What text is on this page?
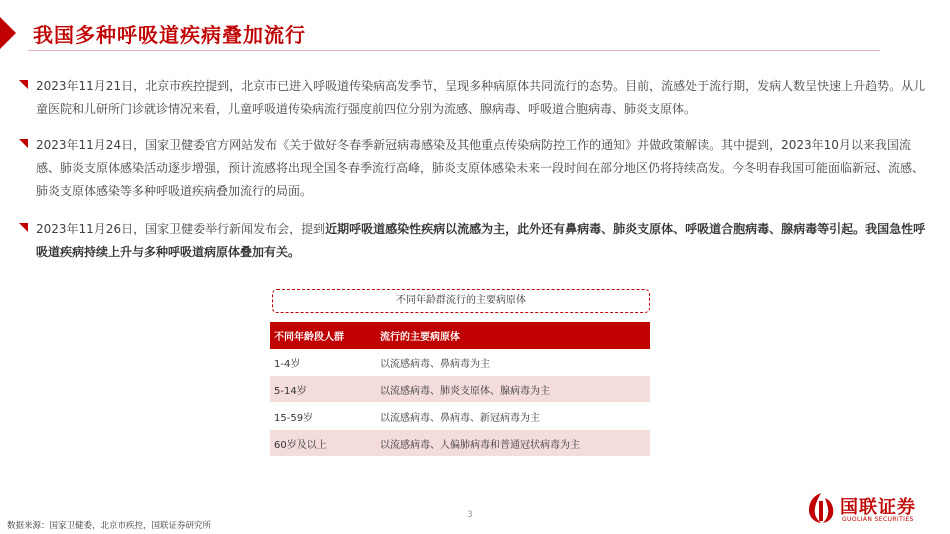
我国多种呼吸道疾病叠加流行
2023年11月21日，北京市疾控提到，北京市已进入呼吸道传染病高发季节，呈现多种病原体共同流行的态势。目前，流感处于流行期，发病人数呈快速上升趋势。从儿童医院和儿研所门诊就诊情况来看，儿童呼吸道传染病流行强度前四位分别为流感、腺病毒、呼吸道合胞病毒、肺炎支原体。
2023年11月24日，国家卫健委官方网站发布《关于做好冬春季新冠病毒感染及其他重点传染病防控工作的通知》并做政策解读。其中提到，2023年10月以来我国流感、肺炎支原体感染活动逐步增强，预计流感将出现全国冬春季流行高峰，肺炎支原体感染未来一段时间在部分地区仍将持续高发。今冬明春我国可能面临新冠、流感、肺炎支原体感染等多种呼吸道疾病叠加流行的局面。
2023年11月26日，国家卫健委举行新闻发布会，提到近期呼吸道感染性疾病以流感为主，此外还有鼻病毒、肺炎支原体、呼吸道合胞病毒、腺病毒等引起。我国急性呼吸道疾病持续上升与多种呼吸道病原体叠加有关。
不同年龄群流行的主要病原体
不同年龄段人群	流行的主要病原体
1-4岁	以流感病毒、鼻病毒为主
5-14岁	以流感病毒、肺炎支原体、腺病毒为主
15-59岁	以流感病毒、鼻病毒、新冠病毒为主
60岁及以上	以流感病毒、人偏肺病毒和普通冠状病毒为主
3
数据来源：国家卫健委，北京市疾控，国联证券研究所
国联证券
GUOLIAN SECURITIES
